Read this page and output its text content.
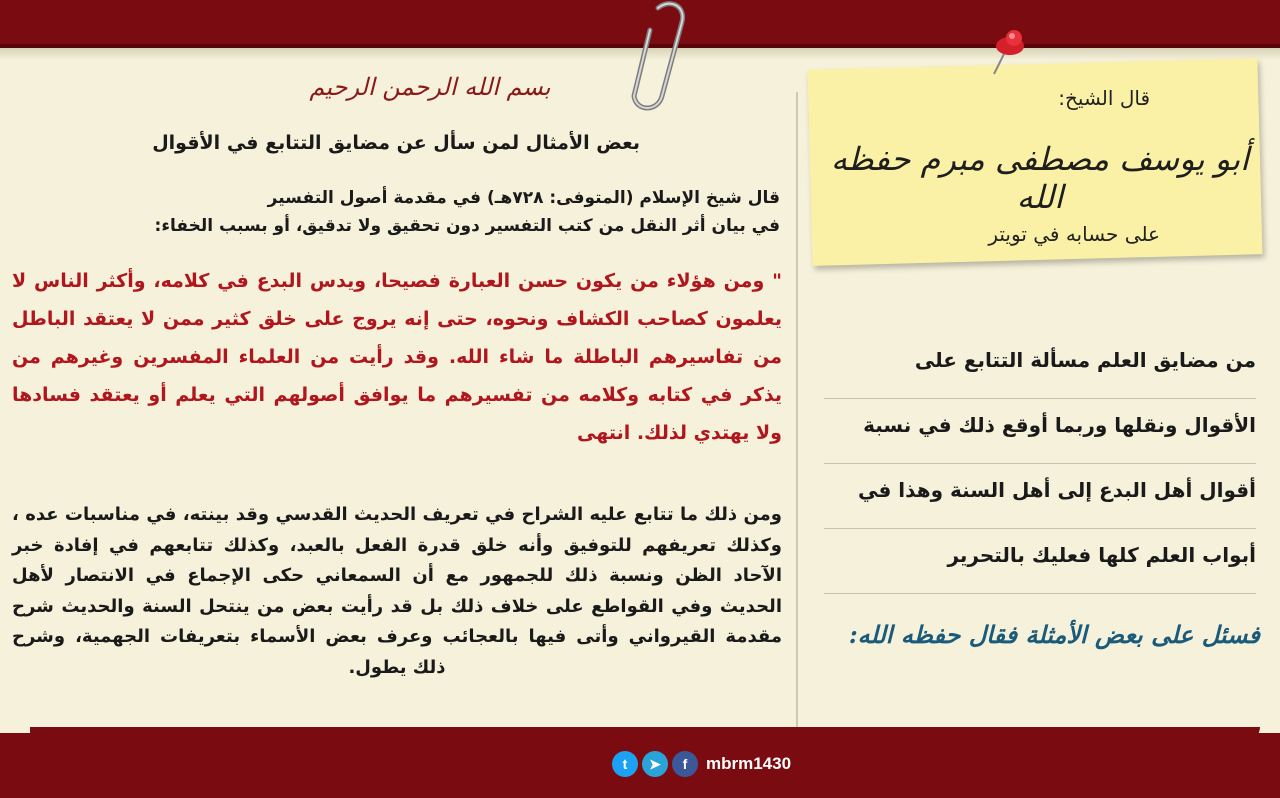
بسم الله الرحمن الرحيم
بعض الأمثال لمن سأل عن مضايق التتابع في الأقوال
قال شيخ الإسلام (المتوفى: ٧٢٨هـ) في مقدمة أصول التفسير
في بيان أثر النقل من كتب التفسير دون تحقيق ولا تدقيق، أو بسبب الخفاء:
" ومن هؤلاء من يكون حسن العبارة فصيحا، ويدس البدع في كلامه، وأكثر الناس لا يعلمون كصاحب الكشاف ونحوه، حتى إنه يروج على خلق كثير ممن لا يعتقد الباطل من تفاسيرهم الباطلة ما شاء الله. وقد رأيت من العلماء المفسرين وغيرهم من يذكر في كتابه وكلامه من تفسيرهم ما يوافق أصولهم التي يعلم أو يعتقد فسادها ولا يهتدي لذلك. انتهى
ومن ذلك ما تتابع عليه الشراح في تعريف الحديث القدسي وقد بينته، في مناسبات عده ، وكذلك تعريفهم للتوفيق وأنه خلق قدرة الفعل بالعبد، وكذلك تتابعهم في إفادة خبر الآحاد الظن ونسبة ذلك للجمهور مع أن السمعاني حكى الإجماع في الانتصار لأهل الحديث وفي القواطع على خلاف ذلك بل قد رأيت بعض من ينتحل السنة والحديث شرح مقدمة القيرواني وأتى فيها بالعجائب وعرف بعض الأسماء بتعريفات الجهمية، وشرح ذلك يطول.
قال الشيخ:
أبو يوسف مصطفى مبرم حفظه الله
على حسابه في تويتر
من مضايق العلم مسألة التتابع على
الأقوال ونقلها وربما أوقع ذلك في نسبة
أقوال أهل البدع إلى أهل السنة وهذا في
أبواب العلم كلها فعليك بالتحرير
فسئل على بعض الأمثلة فقال حفظه الله:
t	➤	f	mbrm1430
